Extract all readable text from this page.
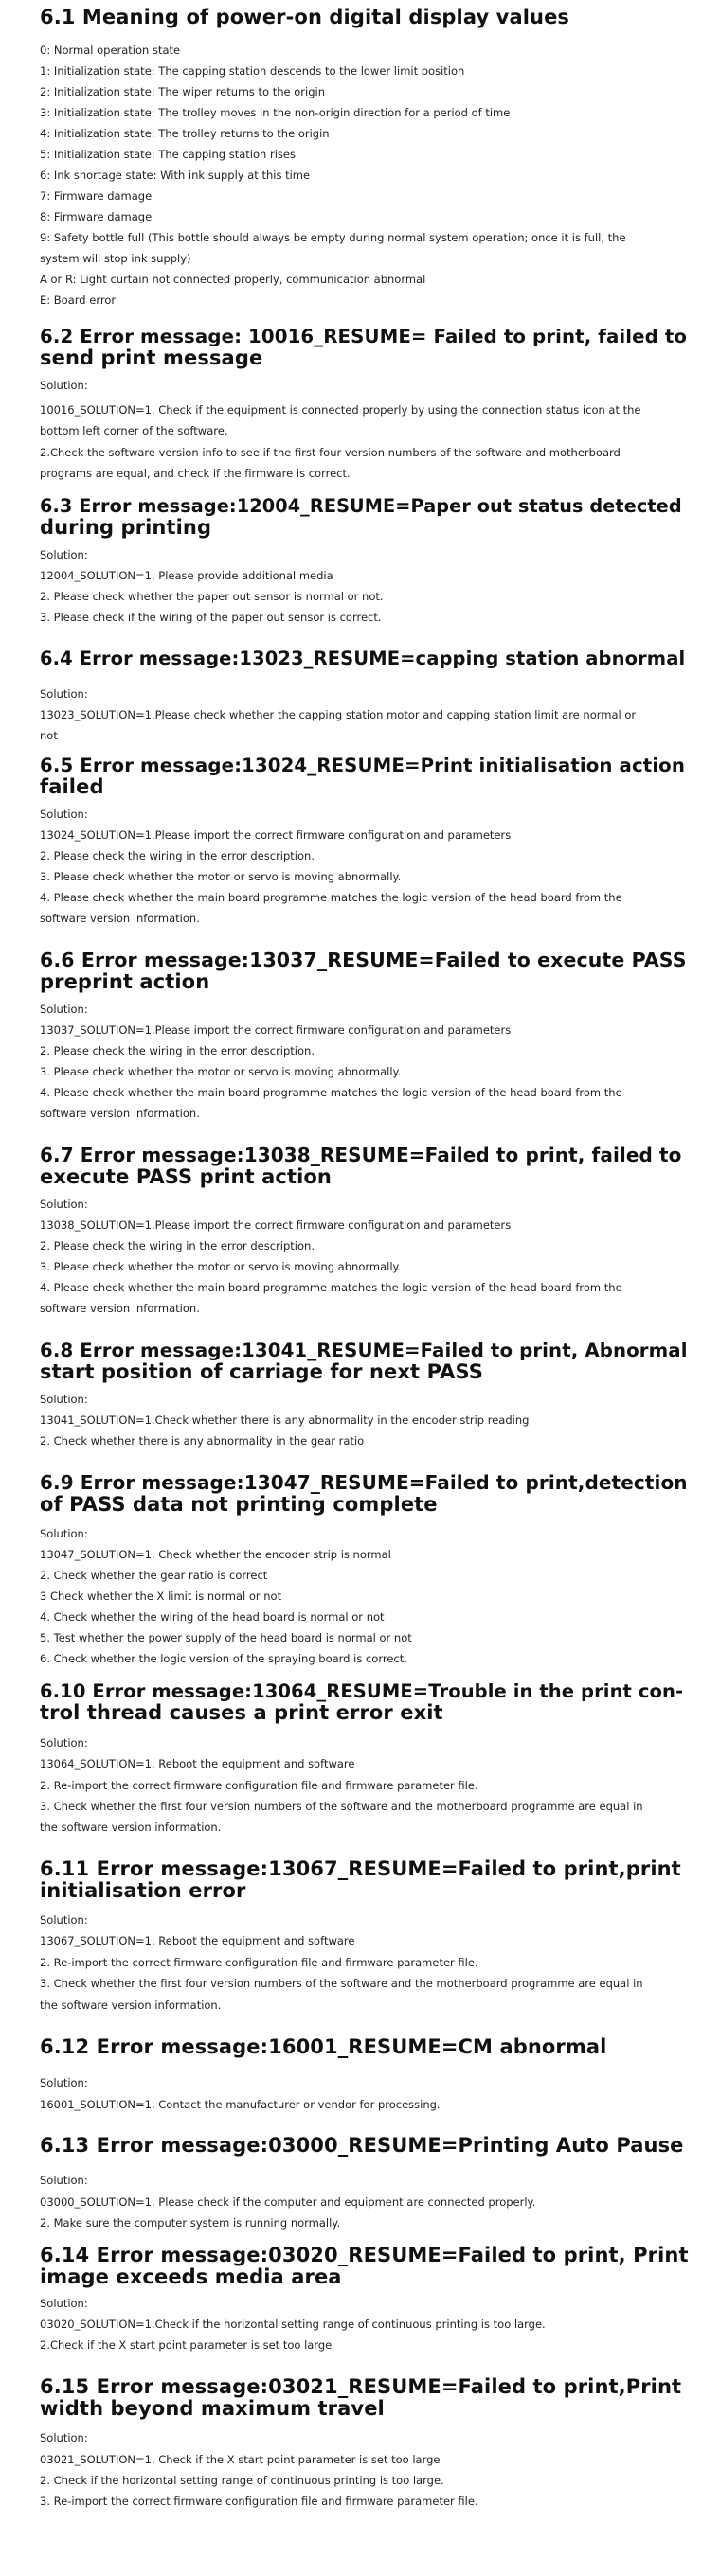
6.1 Meaning of power-on digital display values

0: Normal operation state

1: Initialization state: The capping station descends to the lower limit position

2: Initialization state: The wiper returns to the origin

3: Initialization state: The trolley moves in the non-origin direction for a period of time

4: Initialization state: The trolley returns to the origin

5: Initialization state: The capping station rises

6: Ink shortage state: With ink supply at this time

7: Firmware damage

8: Firmware damage

9: Safety bottle full (This bottle should always be empty during normal system operation; once it is full, the

system will stop ink supply)

A or R: Light curtain not connected properly, communication abnormal

E: Board error

6.2 Error message: 10016_RESUME= Failed to print, failed to
send print message

Solution:

10016_SOLUTION=1. Check if the equipment is connected properly by using the connection status icon at the

bottom left corner of the software.

2.Check the software version info to see if the first four version numbers of the software and motherboard

programs are equal, and check if the firmware is correct.

6.3 Error message:12004_RESUME=Paper out status detected
during printing

Solution:

12004_SOLUTION=1. Please provide additional media

2. Please check whether the paper out sensor is normal or not.

3. Please check if the wiring of the paper out sensor is correct.

6.4 Error message:13023_RESUME=capping station abnormal

Solution:

13023_SOLUTION=1.Please check whether the capping station motor and capping station limit are normal or

not

6.5 Error message:13024_RESUME=Print initialisation action
failed

Solution:

13024_SOLUTION=1.Please import the correct firmware configuration and parameters

2. Please check the wiring in the error description.

3. Please check whether the motor or servo is moving abnormally.

4. Please check whether the main board programme matches the logic version of the head board from the

software version information.

6.6 Error message:13037_RESUME=Failed to execute PASS
preprint action

Solution:

13037_SOLUTION=1.Please import the correct firmware configuration and parameters

2. Please check the wiring in the error description.

3. Please check whether the motor or servo is moving abnormally.

4. Please check whether the main board programme matches the logic version of the head board from the

software version information.

6.7 Error message:13038_RESUME=Failed to print, failed to
execute PASS print action

Solution:

13038_SOLUTION=1.Please import the correct firmware configuration and parameters

2. Please check the wiring in the error description.

3. Please check whether the motor or servo is moving abnormally.

4. Please check whether the main board programme matches the logic version of the head board from the

software version information.

6.8 Error message:13041_RESUME=Failed to print, Abnormal
start position of carriage for next PASS

Solution:

13041_SOLUTION=1.Check whether there is any abnormality in the encoder strip reading

2. Check whether there is any abnormality in the gear ratio

6.9 Error message:13047_RESUME=Failed to print,detection
of PASS data not printing complete

Solution:

13047_SOLUTION=1. Check whether the encoder strip is normal

2. Check whether the gear ratio is correct

3 Check whether the X limit is normal or not

4. Check whether the wiring of the head board is normal or not

5. Test whether the power supply of the head board is normal or not

6. Check whether the logic version of the spraying board is correct.

6.10 Error message:13064_RESUME=Trouble in the print con-
trol thread causes a print error exit

Solution:

13064_SOLUTION=1. Reboot the equipment and software

2. Re-import the correct firmware configuration file and firmware parameter file.

3. Check whether the first four version numbers of the software and the motherboard programme are equal in

the software version information.

6.11 Error message:13067_RESUME=Failed to print,print
initialisation error

Solution:

13067_SOLUTION=1. Reboot the equipment and software

2. Re-import the correct firmware configuration file and firmware parameter file.

3. Check whether the first four version numbers of the software and the motherboard programme are equal in

the software version information.

6.12 Error message:16001_RESUME=CM abnormal

Solution:

16001_SOLUTION=1. Contact the manufacturer or vendor for processing.

6.13 Error message:03000_RESUME=Printing Auto Pause

Solution:

03000_SOLUTION=1. Please check if the computer and equipment are connected properly.

2. Make sure the computer system is running normally.

6.14 Error message:03020_RESUME=Failed to print, Print
image exceeds media area

Solution:

03020_SOLUTION=1.Check if the horizontal setting range of continuous printing is too large.

2.Check if the X start point parameter is set too large

6.15 Error message:03021_RESUME=Failed to print,Print
width beyond maximum travel

Solution:

03021_SOLUTION=1. Check if the X start point parameter is set too large

2. Check if the horizontal setting range of continuous printing is too large.

3. Re-import the correct firmware configuration file and firmware parameter file.
